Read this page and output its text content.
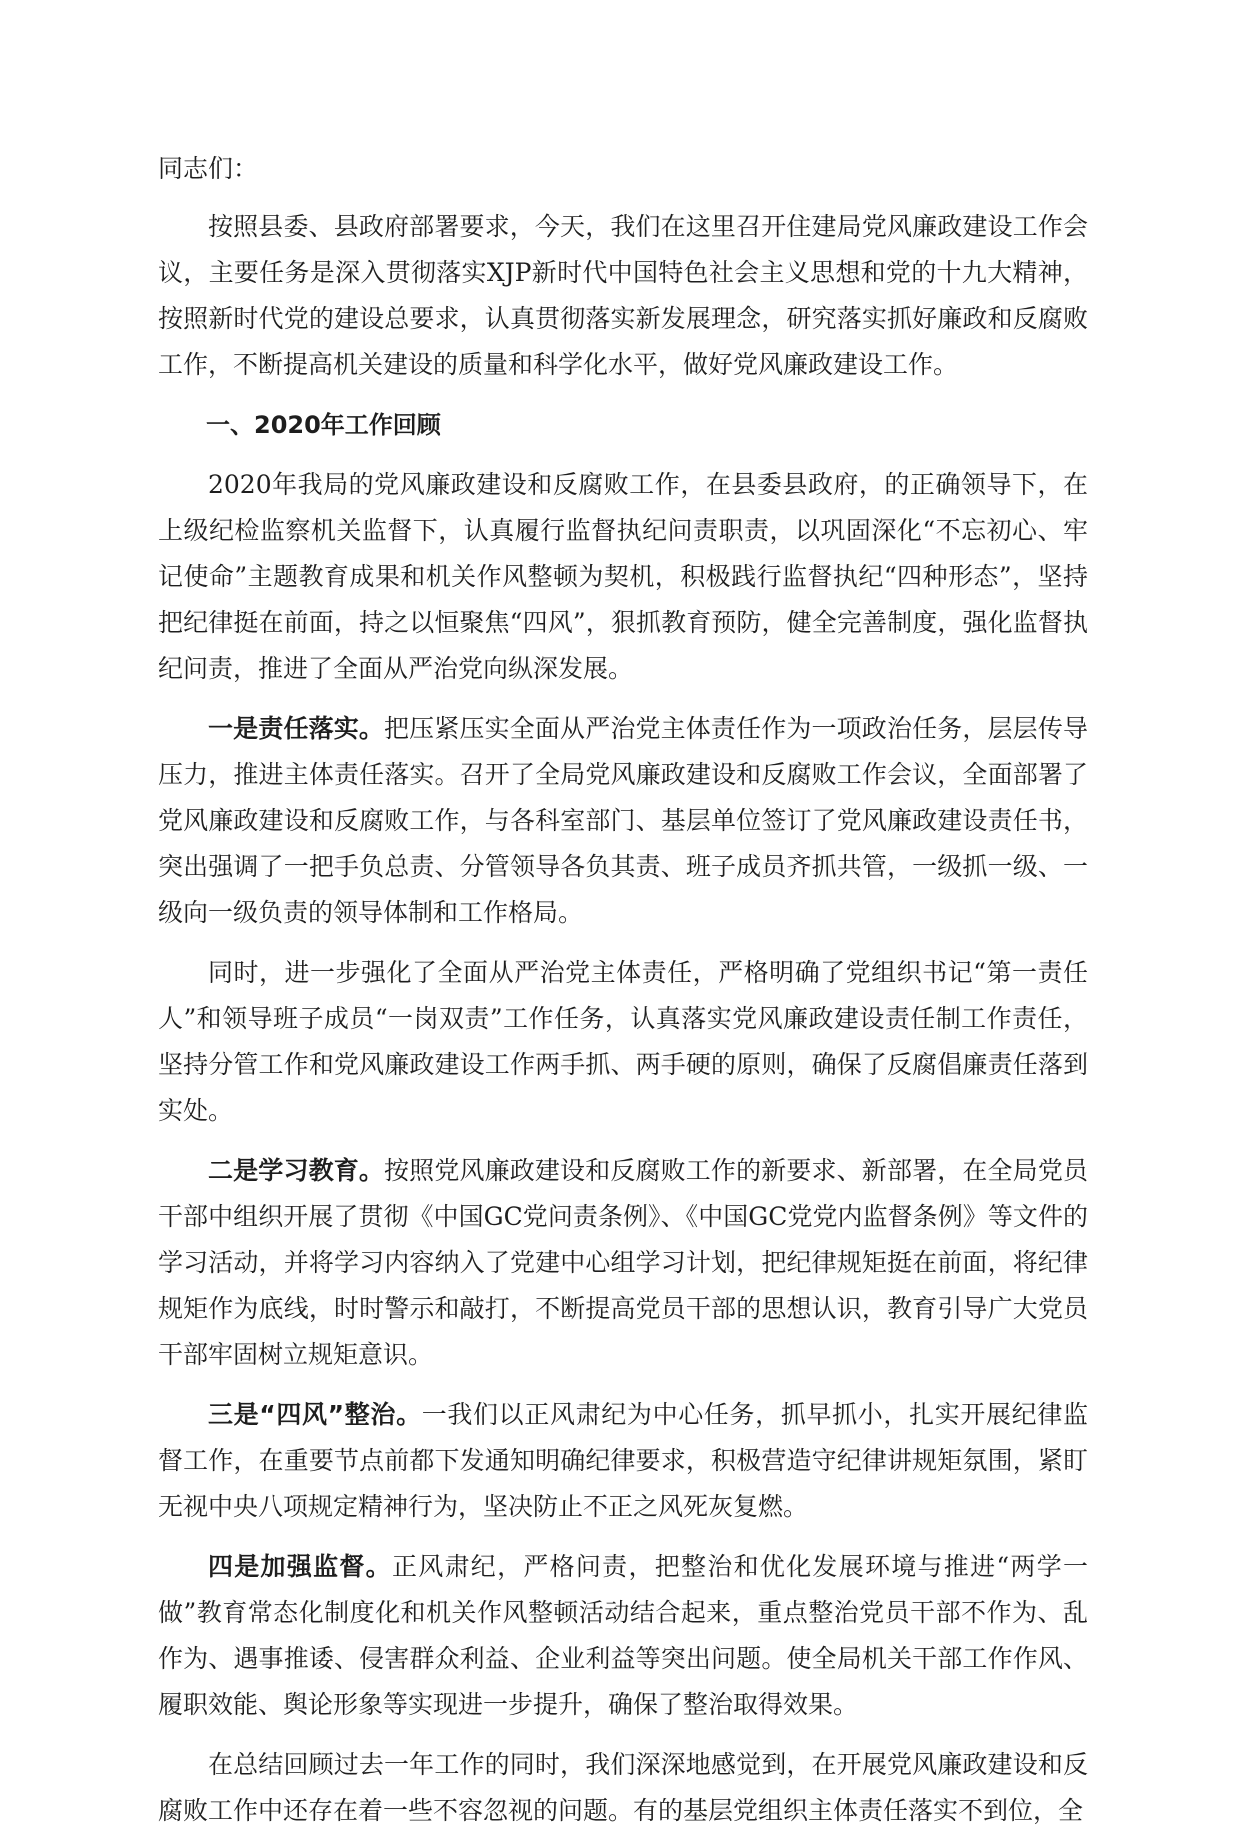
同志们：

按照县委、县政府部署要求，今天，我们在这里召开住建局党风廉政建设工作会议，主要任务是深入贯彻落实XJP新时代中国特色社会主义思想和党的十九大精神，按照新时代党的建设总要求，认真贯彻落实新发展理念，研究落实抓好廉政和反腐败工作，不断提高机关建设的质量和科学化水平，做好党风廉政建设工作。

一、2020年工作回顾

2020年我局的党风廉政建设和反腐败工作，在县委县政府，的正确领导下，在上级纪检监察机关监督下，认真履行监督执纪问责职责，以巩固深化“不忘初心、牢记使命”主题教育成果和机关作风整顿为契机，积极践行监督执纪“四种形态”，坚持把纪律挺在前面，持之以恒聚焦“四风”，狠抓教育预防，健全完善制度，强化监督执纪问责，推进了全面从严治党向纵深发展。

一是责任落实。把压紧压实全面从严治党主体责任作为一项政治任务，层层传导压力，推进主体责任落实。召开了全局党风廉政建设和反腐败工作会议，全面部署了党风廉政建设和反腐败工作，与各科室部门、基层单位签订了党风廉政建设责任书，突出强调了一把手负总责、分管领导各负其责、班子成员齐抓共管，一级抓一级、一级向一级负责的领导体制和工作格局。

同时，进一步强化了全面从严治党主体责任，严格明确了党组织书记“第一责任人”和领导班子成员“一岗双责”工作任务，认真落实党风廉政建设责任制工作责任，坚持分管工作和党风廉政建设工作两手抓、两手硬的原则，确保了反腐倡廉责任落到实处。

二是学习教育。按照党风廉政建设和反腐败工作的新要求、新部署，在全局党员干部中组织开展了贯彻《中国GC党问责条例》、《中国GC党党内监督条例》等文件的学习活动，并将学习内容纳入了党建中心组学习计划，把纪律规矩挺在前面，将纪律规矩作为底线，时时警示和敲打，不断提高党员干部的思想认识，教育引导广大党员干部牢固树立规矩意识。

三是“四风”整治。一我们以正风肃纪为中心任务，抓早抓小，扎实开展纪律监督工作，在重要节点前都下发通知明确纪律要求，积极营造守纪律讲规矩氛围，紧盯无视中央八项规定精神行为，坚决防止不正之风死灰复燃。

四是加强监督。正风肃纪，严格问责，把整治和优化发展环境与推进“两学一做”教育常态化制度化和机关作风整顿活动结合起来，重点整治党员干部不作为、乱作为、遇事推诿、侵害群众利益、企业利益等突出问题。使全局机关干部工作作风、履职效能、舆论形象等实现进一步提升，确保了整治取得效果。

在总结回顾过去一年工作的同时，我们深深地感觉到，在开展党风廉政建设和反腐败工作中还存在着一些不容忽视的问题。有的基层党组织主体责任落实不到位，全
